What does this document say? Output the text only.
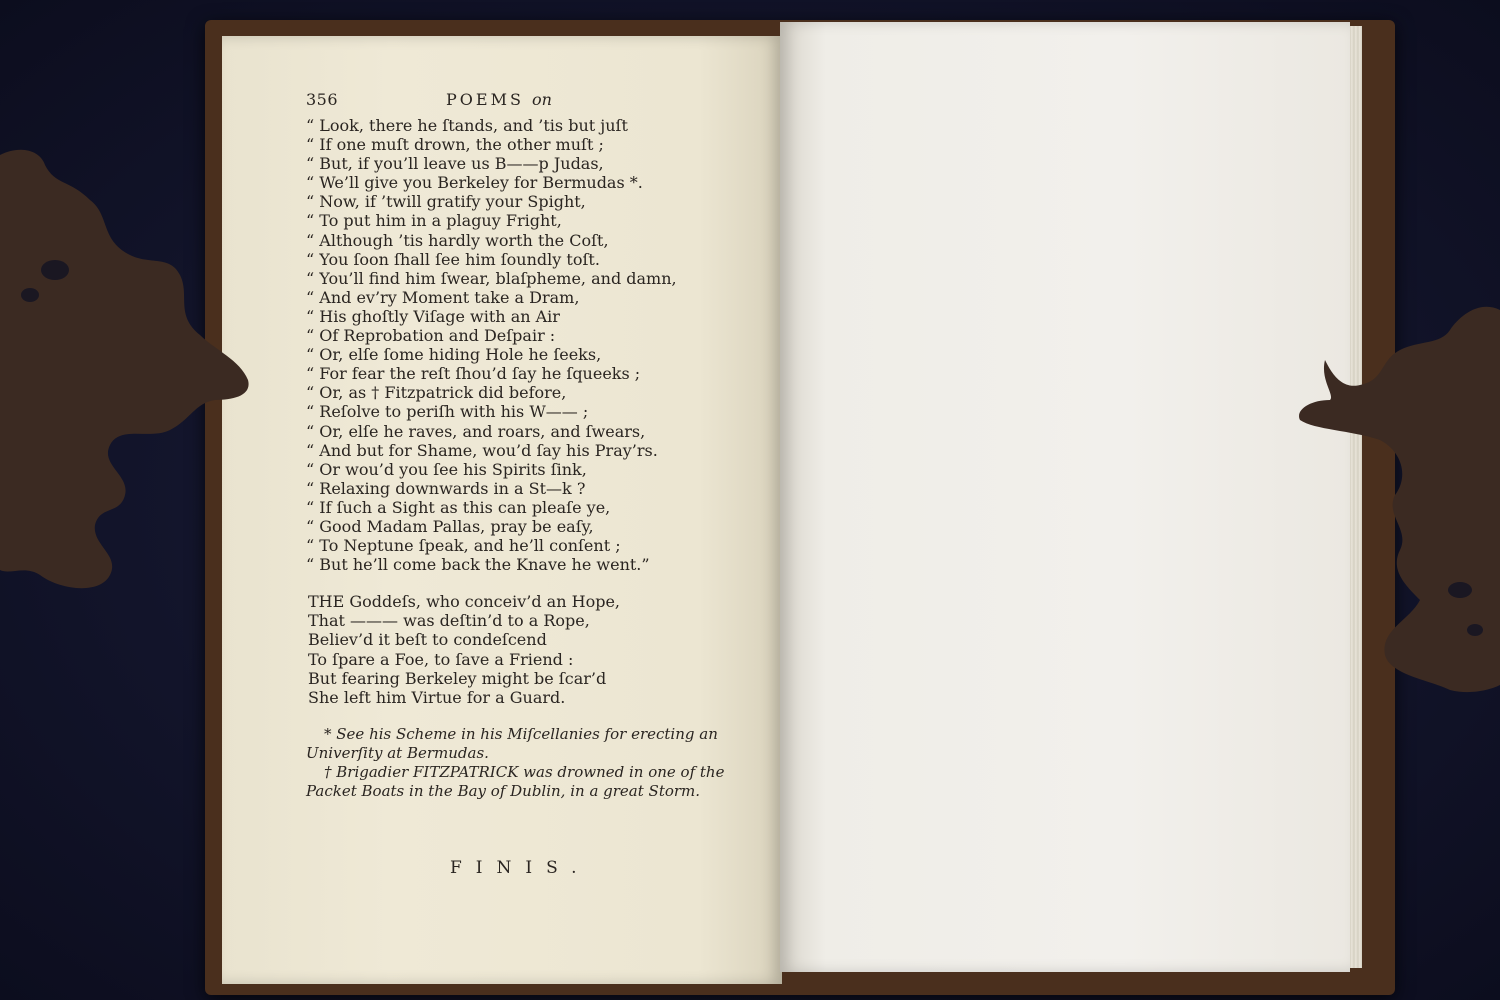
356	POEMS on
“ Look, there he ſtands, and ’tis but juſt
“ If one muſt drown, the other muſt ;
“ But, if you’ll leave us B——p Judas,
“ We’ll give you Berkeley for Bermudas *.
“ Now, if ’twill gratify your Spight,
“ To put him in a plaguy Fright,
“ Although ’tis hardly worth the Coſt,
“ You ſoon ſhall ſee him ſoundly toſt.
“ You’ll find him ſwear, blaſpheme, and damn,
“ And ev’ry Moment take a Dram,
“ His ghoſtly Viſage with an Air
“ Of Reprobation and Deſpair :
“ Or, elſe ſome hiding Hole he ſeeks,
“ For fear the reſt ſhou’d ſay he ſqueeks ;
“ Or, as † Fitzpatrick did before,
“ Reſolve to periſh with his W—— ;
“ Or, elſe he raves, and roars, and ſwears,
“ And but for Shame, wou’d ſay his Pray’rs.
“ Or wou’d you ſee his Spirits ſink,
“ Relaxing downwards in a St—k ?
“ If ſuch a Sight as this can pleaſe ye,
“ Good Madam Pallas, pray be eaſy,
“ To Neptune ſpeak, and he’ll conſent ;
“ But he’ll come back the Knave he went.”
THE Goddeſs, who conceiv’d an Hope,
That ——— was deſtin’d to a Rope,
Believ’d it beſt to condeſcend
To ſpare a Foe, to ſave a Friend :
But fearing Berkeley might be ſcar’d
She left him Virtue for a Guard.
* See his Scheme in his Miſcellanies for erecting an Univerſity at Bermudas.
† Brigadier FITZPATRICK was drowned in one of the Packet Boats in the Bay of Dublin, in a great Storm.
FINIS.
